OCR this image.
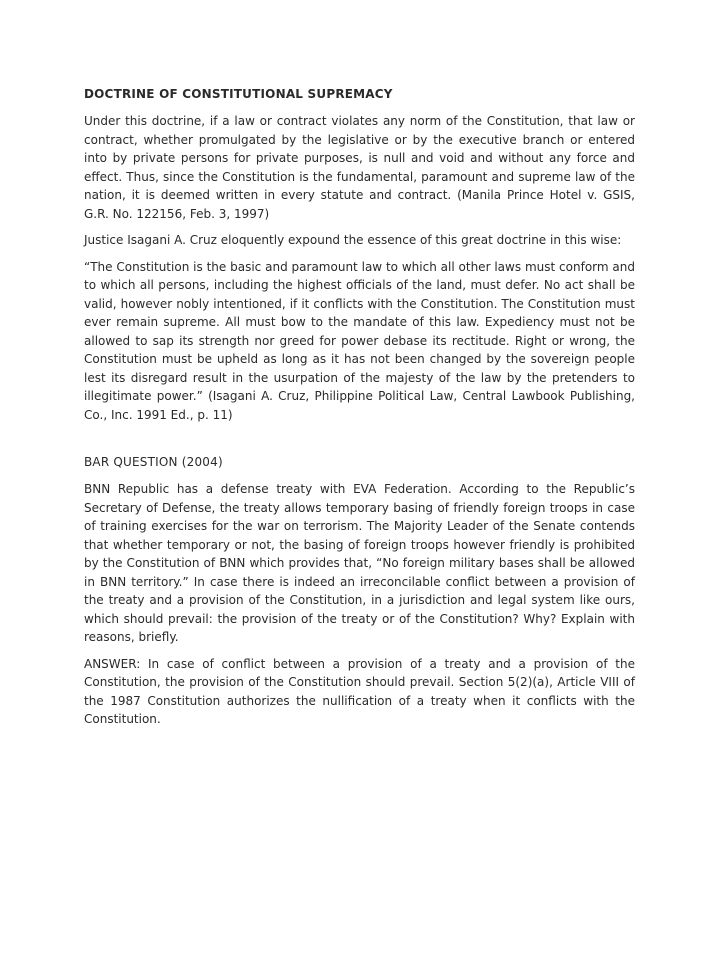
DOCTRINE OF CONSTITUTIONAL SUPREMACY

Under this doctrine, if a law or contract violates any norm of the Constitution, that law or contract, whether promulgated by the legislative or by the executive branch or entered into by private persons for private purposes, is null and void and without any force and effect. Thus, since the Constitution is the fundamental, paramount and supreme law of the nation, it is deemed written in every statute and contract. (Manila Prince Hotel v. GSIS, G.R. No. 122156, Feb. 3, 1997)

Justice Isagani A. Cruz eloquently expound the essence of this great doctrine in this wise:

“The Constitution is the basic and paramount law to which all other laws must conform and to which all persons, including the highest officials of the land, must defer. No act shall be valid, however nobly intentioned, if it conflicts with the Constitution. The Constitution must ever remain supreme. All must bow to the mandate of this law. Expediency must not be allowed to sap its strength nor greed for power debase its rectitude. Right or wrong, the Constitution must be upheld as long as it has not been changed by the sovereign people lest its disregard result in the usurpation of the majesty of the law by the pretenders to illegitimate power.” (Isagani A. Cruz, Philippine Political Law, Central Lawbook Publishing, Co., Inc. 1991 Ed., p. 11)

BAR QUESTION (2004)

BNN Republic has a defense treaty with EVA Federation. According to the Republic’s Secretary of Defense, the treaty allows temporary basing of friendly foreign troops in case of training exercises for the war on terrorism. The Majority Leader of the Senate contends that whether temporary or not, the basing of foreign troops however friendly is prohibited by the Constitution of BNN which provides that, “No foreign military bases shall be allowed in BNN territory.” In case there is indeed an irreconcilable conflict between a provision of the treaty and a provision of the Constitution, in a jurisdiction and legal system like ours, which should prevail: the provision of the treaty or of the Constitution? Why? Explain with reasons, briefly.

ANSWER: In case of conflict between a provision of a treaty and a provision of the Constitution, the provision of the Constitution should prevail. Section 5(2)(a), Article VIII of the 1987 Constitution authorizes the nullification of a treaty when it conflicts with the Constitution.
